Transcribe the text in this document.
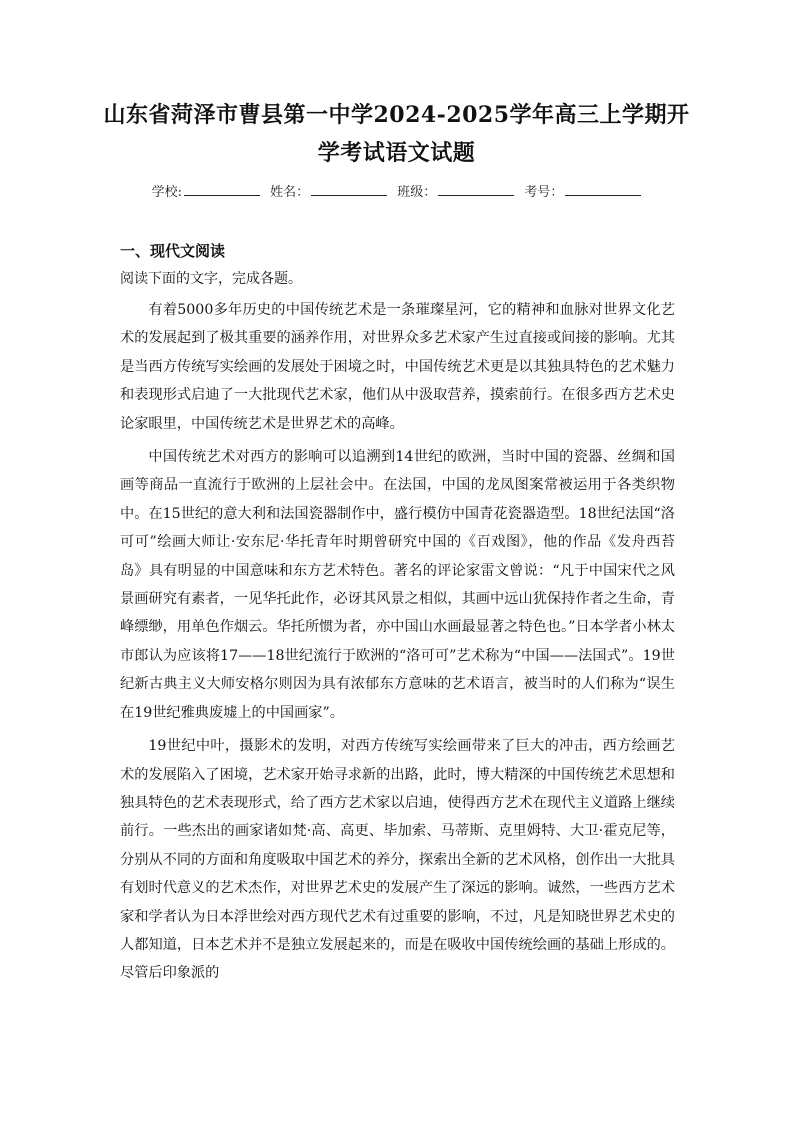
山东省菏泽市曹县第一中学2024-2025学年高三上学期开学考试语文试题
学校:	姓名：	班级：	考号：
一、现代文阅读
阅读下面的文字，完成各题。

有着5000多年历史的中国传统艺术是一条璀璨星河，它的精神和血脉对世界文化艺术的发展起到了极其重要的涵养作用，对世界众多艺术家产生过直接或间接的影响。尤其是当西方传统写实绘画的发展处于困境之时，中国传统艺术更是以其独具特色的艺术魅力和表现形式启迪了一大批现代艺术家，他们从中汲取营养，摸索前行。在很多西方艺术史论家眼里，中国传统艺术是世界艺术的高峰。

中国传统艺术对西方的影响可以追溯到14世纪的欧洲，当时中国的瓷器、丝绸和国画等商品一直流行于欧洲的上层社会中。在法国，中国的龙凤图案常被运用于各类织物中。在15世纪的意大利和法国瓷器制作中，盛行模仿中国青花瓷器造型。18世纪法国“洛可可”绘画大师让·安东尼·华托青年时期曾研究中国的《百戏图》，他的作品《发舟西苔岛》具有明显的中国意味和东方艺术特色。著名的评论家雷文曾说：“凡于中国宋代之风景画研究有素者，一见华托此作，必讶其风景之相似，其画中远山犹保持作者之生命，青峰缥缈，用单色作烟云。华托所惯为者，亦中国山水画最显著之特色也。”日本学者小林太市郎认为应该将17——18世纪流行于欧洲的“洛可可”艺术称为“中国——法国式”。19世纪新古典主义大师安格尔则因为具有浓郁东方意味的艺术语言，被当时的人们称为“误生在19世纪雅典废墟上的中国画家”。

19世纪中叶，摄影术的发明，对西方传统写实绘画带来了巨大的冲击，西方绘画艺术的发展陷入了困境，艺术家开始寻求新的出路，此时，博大精深的中国传统艺术思想和独具特色的艺术表现形式，给了西方艺术家以启迪，使得西方艺术在现代主义道路上继续前行。一些杰出的画家诸如梵·高、高更、毕加索、马蒂斯、克里姆特、大卫·霍克尼等，分别从不同的方面和角度吸取中国艺术的养分，探索出全新的艺术风格，创作出一大批具有划时代意义的艺术杰作，对世界艺术史的发展产生了深远的影响。诚然，一些西方艺术家和学者认为日本浮世绘对西方现代艺术有过重要的影响，不过，凡是知晓世界艺术史的人都知道，日本艺术并不是独立发展起来的，而是在吸收中国传统绘画的基础上形成的。尽管后印象派的
